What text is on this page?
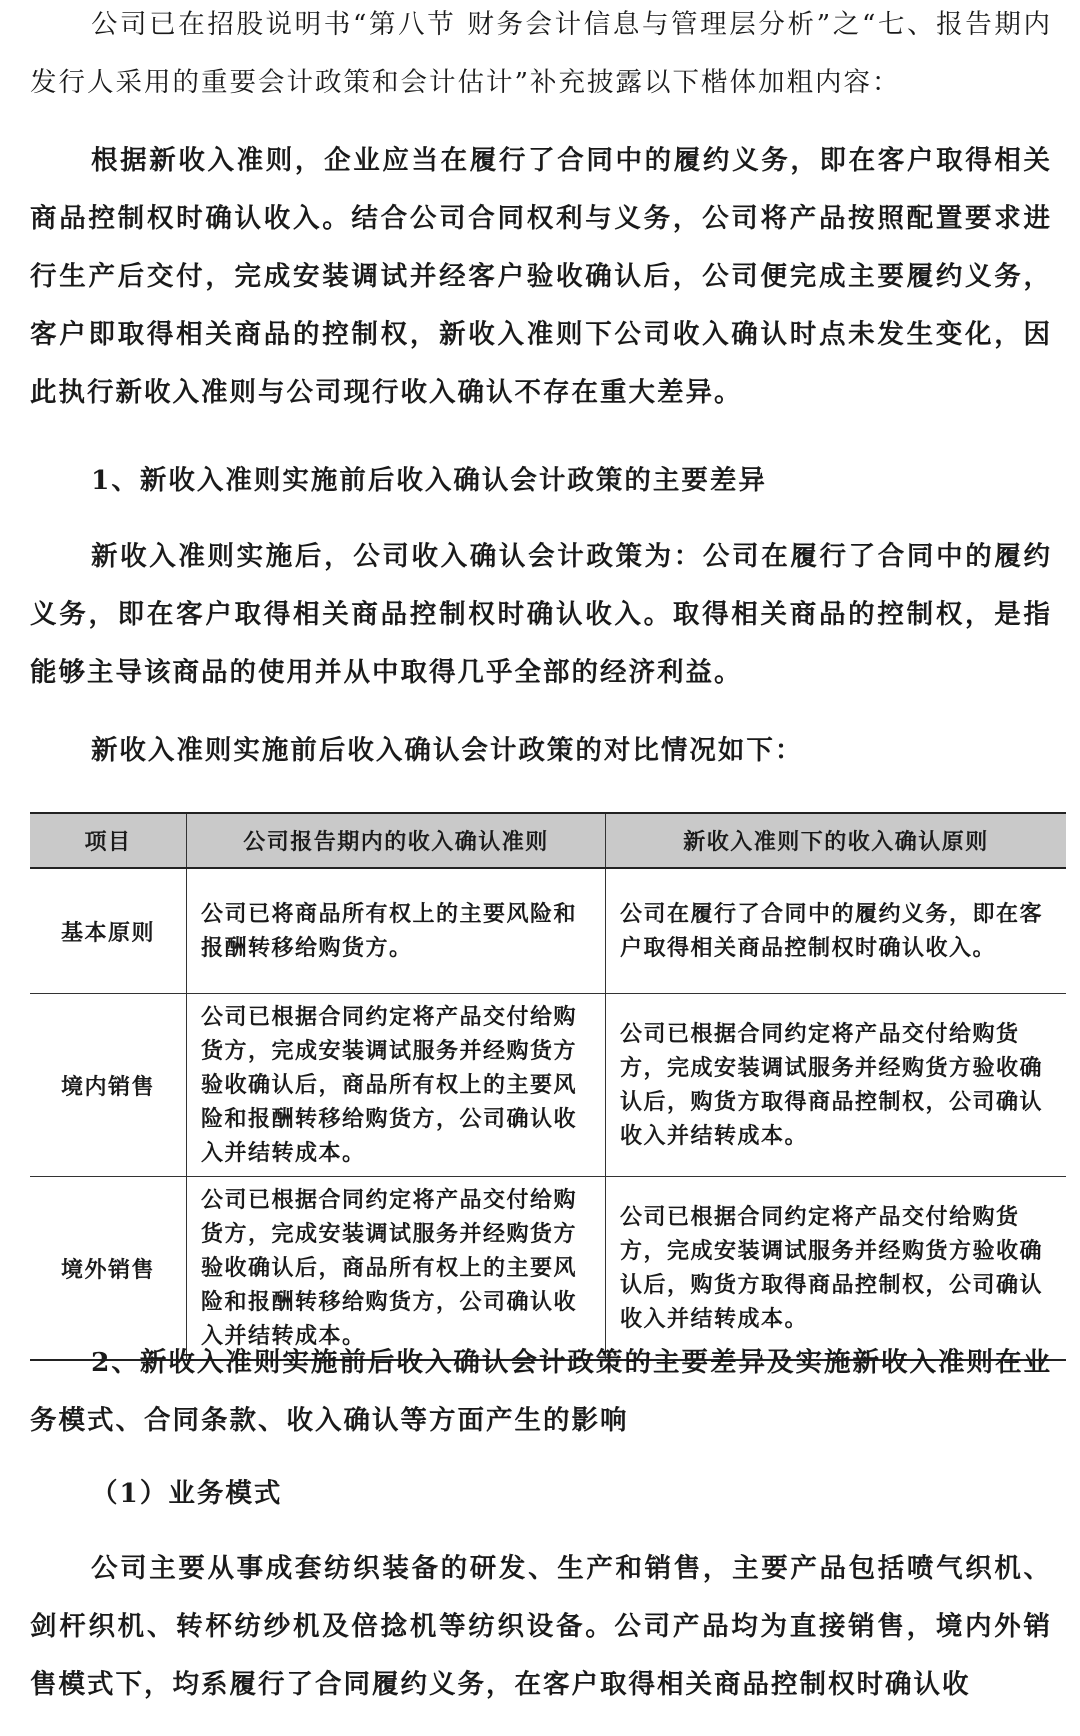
公司已在招股说明书“第八节 财务会计信息与管理层分析”之“七、报告期内发行人采用的重要会计政策和会计估计”补充披露以下楷体加粗内容：

根据新收入准则，企业应当在履行了合同中的履约义务，即在客户取得相关商品控制权时确认收入。结合公司合同权利与义务，公司将产品按照配置要求进行生产后交付，完成安装调试并经客户验收确认后，公司便完成主要履约义务，客户即取得相关商品的控制权，新收入准则下公司收入确认时点未发生变化，因此执行新收入准则与公司现行收入确认不存在重大差异。

1、新收入准则实施前后收入确认会计政策的主要差异

新收入准则实施后，公司收入确认会计政策为：公司在履行了合同中的履约义务，即在客户取得相关商品控制权时确认收入。取得相关商品的控制权，是指能够主导该商品的使用并从中取得几乎全部的经济利益。

新收入准则实施前后收入确认会计政策的对比情况如下：

项目	公司报告期内的收入确认准则	新收入准则下的收入确认原则
基本原则	公司已将商品所有权上的主要风险和报酬转移给购货方。	公司在履行了合同中的履约义务，即在客户取得相关商品控制权时确认收入。
境内销售	公司已根据合同约定将产品交付给购货方，完成安装调试服务并经购货方验收确认后，商品所有权上的主要风险和报酬转移给购货方，公司确认收入并结转成本。	公司已根据合同约定将产品交付给购货方，完成安装调试服务并经购货方验收确认后，购货方取得商品控制权，公司确认收入并结转成本。
境外销售	公司已根据合同约定将产品交付给购货方，完成安装调试服务并经购货方验收确认后，商品所有权上的主要风险和报酬转移给购货方，公司确认收入并结转成本。	公司已根据合同约定将产品交付给购货方，完成安装调试服务并经购货方验收确认后，购货方取得商品控制权，公司确认收入并结转成本。

2、新收入准则实施前后收入确认会计政策的主要差异及实施新收入准则在业务模式、合同条款、收入确认等方面产生的影响

（1）业务模式

公司主要从事成套纺织装备的研发、生产和销售，主要产品包括喷气织机、剑杆织机、转杯纺纱机及倍捻机等纺织设备。公司产品均为直接销售，境内外销售模式下，均系履行了合同履约义务，在客户取得相关商品控制权时确认收
